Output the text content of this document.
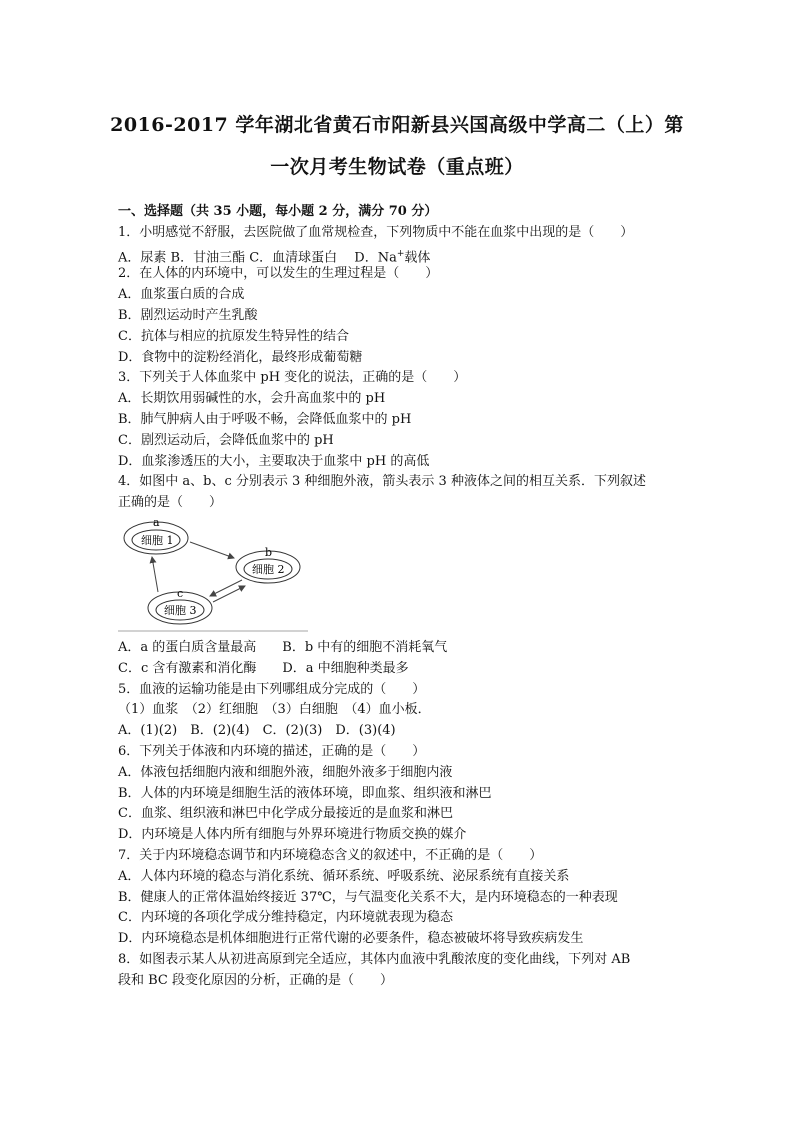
2016-2017 学年湖北省黄石市阳新县兴国高级中学高二（上）第
一次月考生物试卷（重点班）
一、选择题（共 35 小题，每小题 2 分，满分 70 分）
1．小明感觉不舒服，去医院做了血常规检查，下列物质中不能在血浆中出现的是（　　）
A．尿素 B．甘油三酯 C．血清球蛋白　 D．Na+载体
2．在人体的内环境中，可以发生的生理过程是（　　）
A．血浆蛋白质的合成
B．剧烈运动时产生乳酸
C．抗体与相应的抗原发生特异性的结合
D．食物中的淀粉经消化，最终形成葡萄糖
3．下列关于人体血浆中 pH 变化的说法，正确的是（　　）
A．长期饮用弱碱性的水，会升高血浆中的 pH
B．肺气肿病人由于呼吸不畅，会降低血浆中的 pH
C．剧烈运动后，会降低血浆中的 pH
D．血浆渗透压的大小，主要取决于血浆中 pH 的高低
4．如图中 a、b、c 分别表示 3 种细胞外液，箭头表示 3 种液体之间的相互关系．下列叙述
正确的是（　　）
a
细胞 1
b
细胞 2
c
细胞 3
A．a 的蛋白质含量最高　　B．b 中有的细胞不消耗氧气
C．c 含有激素和消化酶　　D．a 中细胞种类最多
5．血液的运输功能是由下列哪组成分完成的（　　）
（1）血浆　（2）红细胞　（3）白细胞　（4）血小板．
A．(1)(2)　B．(2)(4)　C．(2)(3)　D．(3)(4)
6．下列关于体液和内环境的描述，正确的是（　　）
A．体液包括细胞内液和细胞外液，细胞外液多于细胞内液
B．人体的内环境是细胞生活的液体环境，即血浆、组织液和淋巴
C．血浆、组织液和淋巴中化学成分最接近的是血浆和淋巴
D．内环境是人体内所有细胞与外界环境进行物质交换的媒介
7．关于内环境稳态调节和内环境稳态含义的叙述中，不正确的是（　　）
A．人体内环境的稳态与消化系统、循环系统、呼吸系统、泌尿系统有直接关系
B．健康人的正常体温始终接近 37℃，与气温变化关系不大，是内环境稳态的一种表现
C．内环境的各项化学成分维持稳定，内环境就表现为稳态
D．内环境稳态是机体细胞进行正常代谢的必要条件，稳态被破坏将导致疾病发生
8．如图表示某人从初进高原到完全适应，其体内血液中乳酸浓度的变化曲线，下列对 AB
段和 BC 段变化原因的分析，正确的是（　　）
